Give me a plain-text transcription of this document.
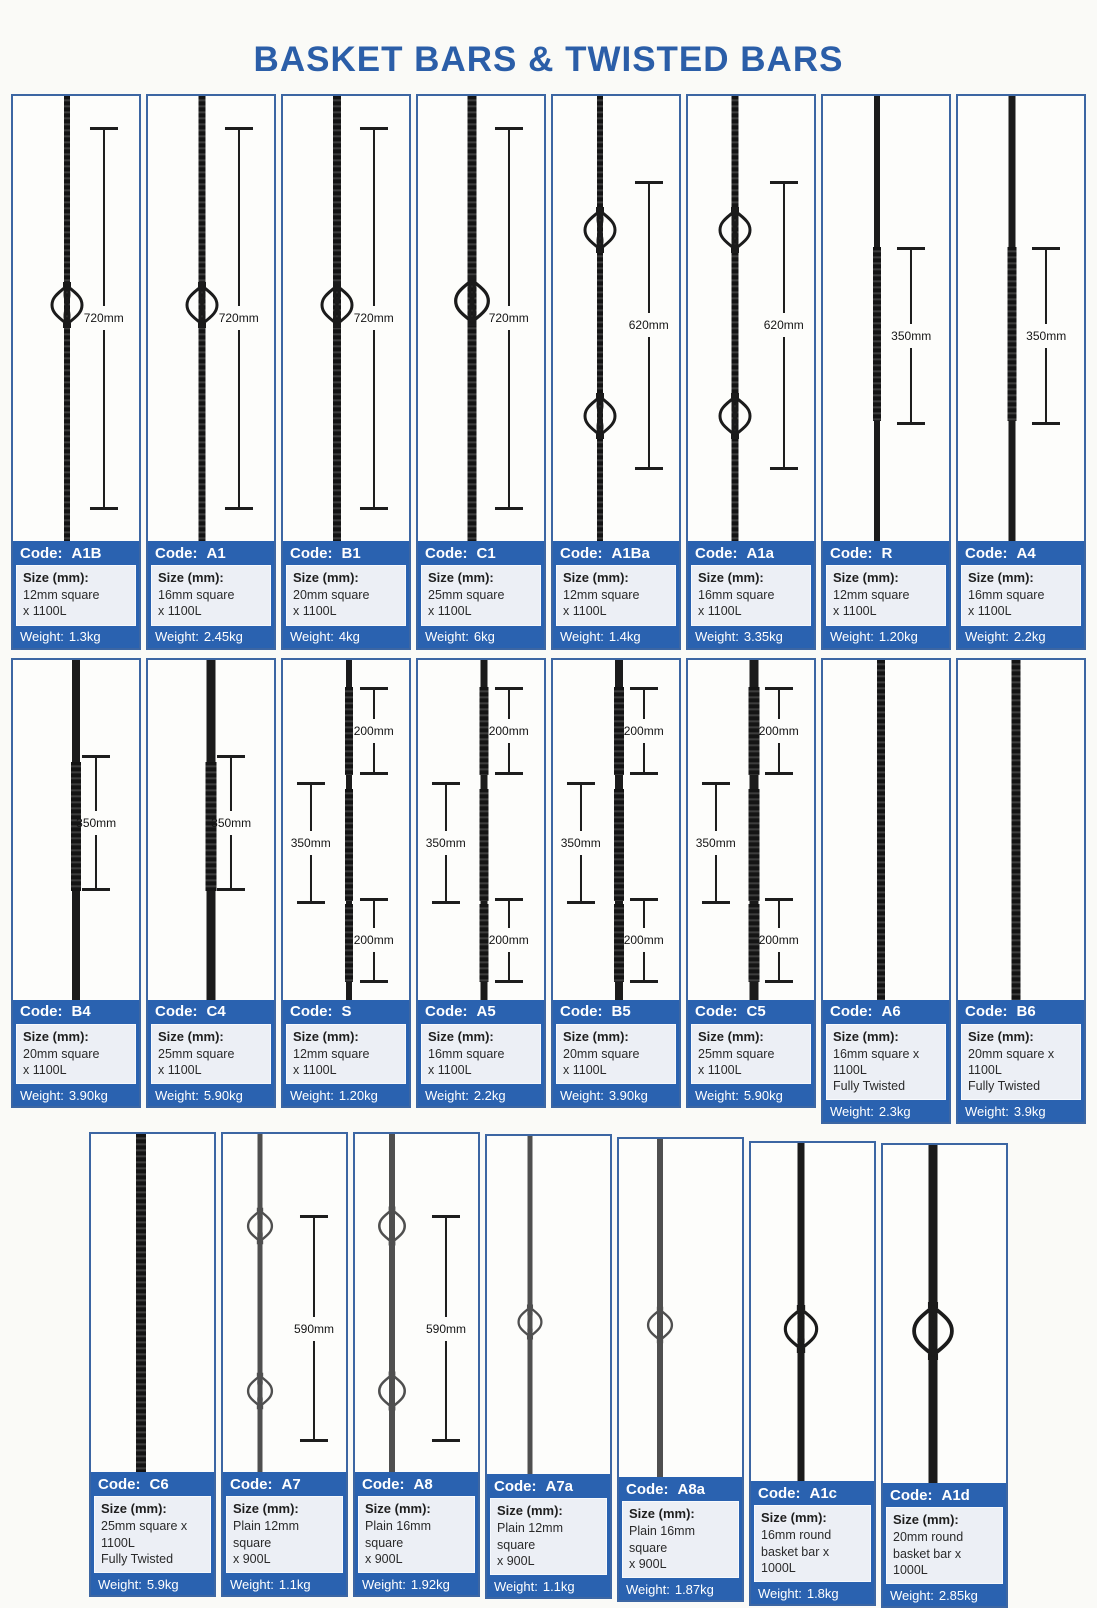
BASKET BARS & TWISTED BARS
720mm
Code: A1B
Size (mm):
12mm square
x 1100L
Weight: 1.3kg
720mm
Code: A1
Size (mm):
16mm square
x 1100L
Weight: 2.45kg
720mm
Code: B1
Size (mm):
20mm square
x 1100L
Weight: 4kg
720mm
Code: C1
Size (mm):
25mm square
x 1100L
Weight: 6kg
620mm
Code: A1Ba
Size (mm):
12mm square
x 1100L
Weight: 1.4kg
620mm
Code: A1a
Size (mm):
16mm square
x 1100L
Weight: 3.35kg
350mm
Code: R
Size (mm):
12mm square
x 1100L
Weight: 1.20kg
350mm
Code: A4
Size (mm):
16mm square
x 1100L
Weight: 2.2kg
350mm
Code: B4
Size (mm):
20mm square
x 1100L
Weight: 3.90kg
350mm
Code: C4
Size (mm):
25mm square
x 1100L
Weight: 5.90kg
200mm
350mm
200mm
Code: S
Size (mm):
12mm square
x 1100L
Weight: 1.20kg
200mm
350mm
200mm
Code: A5
Size (mm):
16mm square
x 1100L
Weight: 2.2kg
200mm
350mm
200mm
Code: B5
Size (mm):
20mm square
x 1100L
Weight: 3.90kg
200mm
350mm
200mm
Code: C5
Size (mm):
25mm square
x 1100L
Weight: 5.90kg
Code: A6
Size (mm):
16mm square x 1100L
Fully Twisted
Weight: 2.3kg
Code: B6
Size (mm):
20mm square x 1100L
Fully Twisted
Weight: 3.9kg
Code: C6
Size (mm):
25mm square x 1100L
Fully Twisted
Weight: 5.9kg
590mm
Code: A7
Size (mm):
Plain 12mm square
x 900L
Weight: 1.1kg
590mm
Code: A8
Size (mm):
Plain 16mm square
x 900L
Weight: 1.92kg
Code: A7a
Size (mm):
Plain 12mm square
x 900L
Weight: 1.1kg
Code: A8a
Size (mm):
Plain 16mm square
x 900L
Weight: 1.87kg
Code: A1c
Size (mm):
16mm round
basket bar x 1000L
Weight: 1.8kg
Code: A1d
Size (mm):
20mm round
basket bar x 1000L
Weight: 2.85kg
